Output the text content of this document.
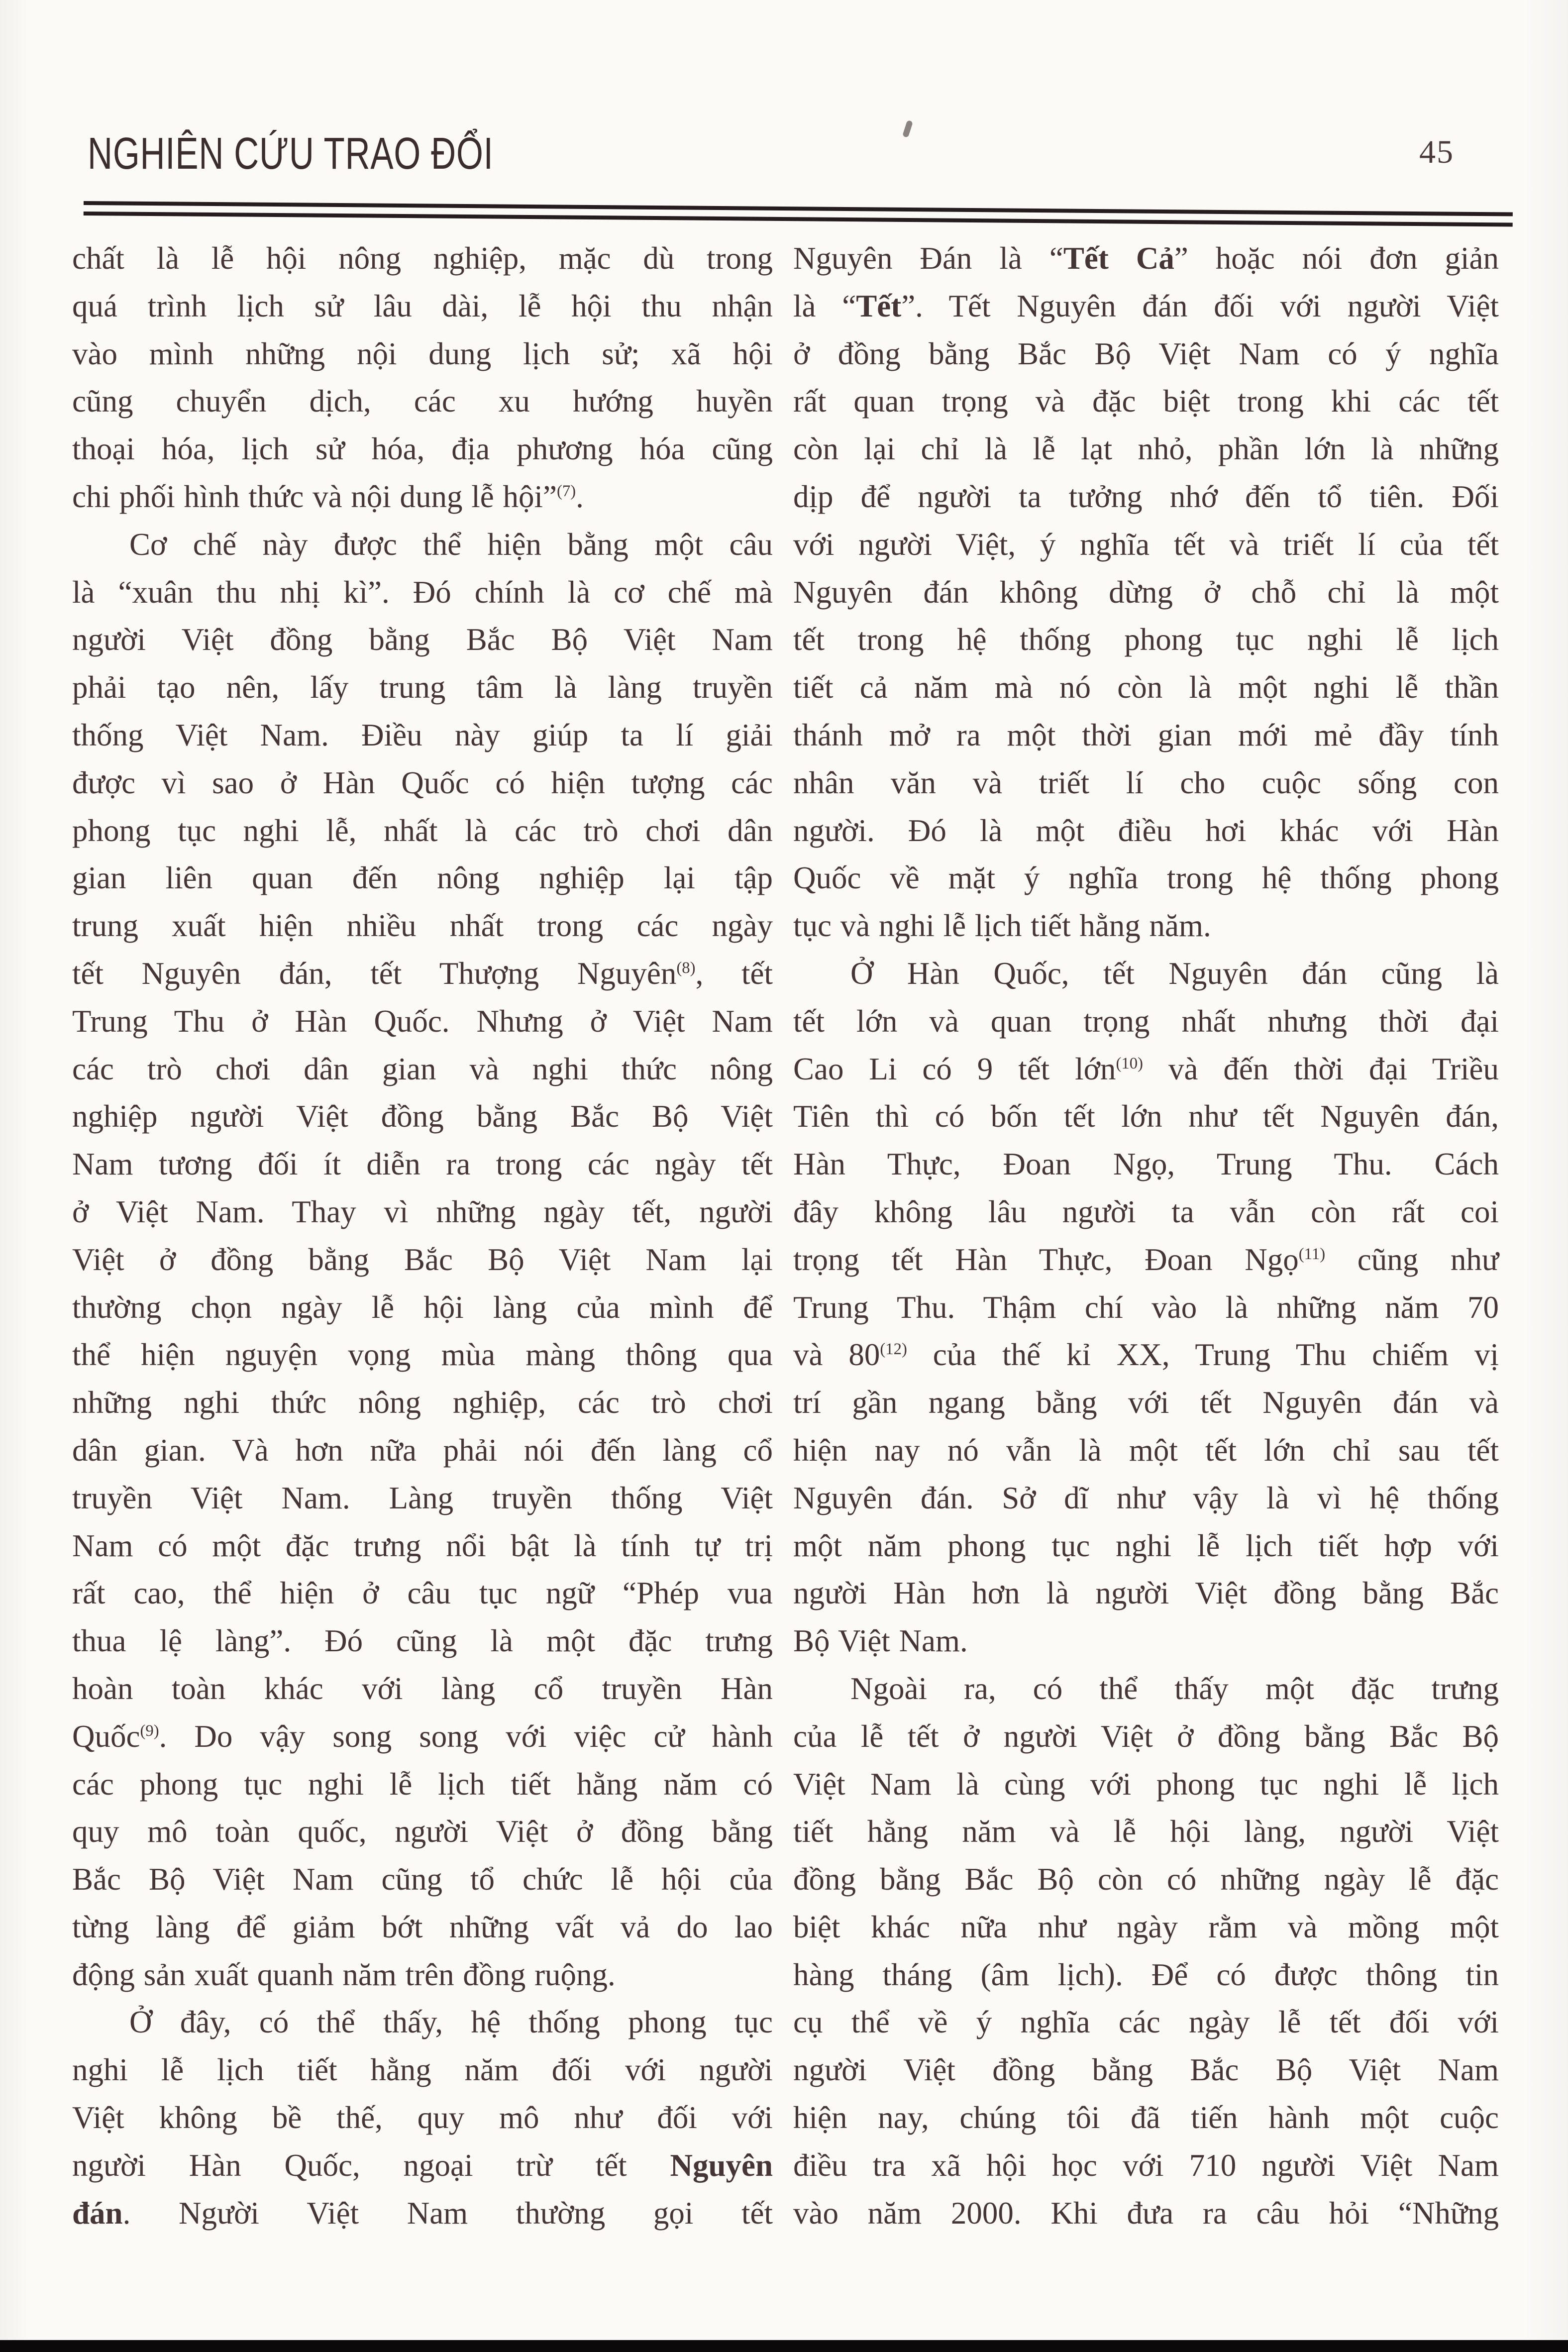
NGHIÊN CỨU TRAO ĐỔI	45
chất là lễ hội nông nghiệp, mặc dù trong
quá trình lịch sử lâu dài, lễ hội thu nhận
vào mình những nội dung lịch sử; xã hội
cũng chuyển dịch, các xu hướng huyền
thoại hóa, lịch sử hóa, địa phương hóa cũng
chi phối hình thức và nội dung lễ hội”$^{(7)}$.
Cơ chế này được thể hiện bằng một câu
là “xuân thu nhị kì”. Đó chính là cơ chế mà
người Việt đồng bằng Bắc Bộ Việt Nam
phải tạo nên, lấy trung tâm là làng truyền
thống Việt Nam. Điều này giúp ta lí giải
được vì sao ở Hàn Quốc có hiện tượng các
phong tục nghi lễ, nhất là các trò chơi dân
gian liên quan đến nông nghiệp lại tập
trung xuất hiện nhiều nhất trong các ngày
tết Nguyên đán, tết Thượng Nguyên$^{(8)}$, tết
Trung Thu ở Hàn Quốc. Nhưng ở Việt Nam
các trò chơi dân gian và nghi thức nông
nghiệp người Việt đồng bằng Bắc Bộ Việt
Nam tương đối ít diễn ra trong các ngày tết
ở Việt Nam. Thay vì những ngày tết, người
Việt ở đồng bằng Bắc Bộ Việt Nam lại
thường chọn ngày lễ hội làng của mình để
thể hiện nguyện vọng mùa màng thông qua
những nghi thức nông nghiệp, các trò chơi
dân gian. Và hơn nữa phải nói đến làng cổ
truyền Việt Nam. Làng truyền thống Việt
Nam có một đặc trưng nổi bật là tính tự trị
rất cao, thể hiện ở câu tục ngữ “Phép vua
thua lệ làng”. Đó cũng là một đặc trưng
hoàn toàn khác với làng cổ truyền Hàn
Quốc$^{(9)}$. Do vậy song song với việc cử hành
các phong tục nghi lễ lịch tiết hằng năm có
quy mô toàn quốc, người Việt ở đồng bằng
Bắc Bộ Việt Nam cũng tổ chức lễ hội của
từng làng để giảm bớt những vất vả do lao
động sản xuất quanh năm trên đồng ruộng.
Ở đây, có thể thấy, hệ thống phong tục
nghi lễ lịch tiết hằng năm đối với người
Việt không bề thế, quy mô như đối với
người Hàn Quốc, ngoại trừ tết Nguyên
đán. Người Việt Nam thường gọi tết
Nguyên Đán là “Tết Cả” hoặc nói đơn giản
là “Tết”. Tết Nguyên đán đối với người Việt
ở đồng bằng Bắc Bộ Việt Nam có ý nghĩa
rất quan trọng và đặc biệt trong khi các tết
còn lại chỉ là lễ lạt nhỏ, phần lớn là những
dịp để người ta tưởng nhớ đến tổ tiên. Đối
với người Việt, ý nghĩa tết và triết lí của tết
Nguyên đán không dừng ở chỗ chỉ là một
tết trong hệ thống phong tục nghi lễ lịch
tiết cả năm mà nó còn là một nghi lễ thần
thánh mở ra một thời gian mới mẻ đầy tính
nhân văn và triết lí cho cuộc sống con
người. Đó là một điều hơi khác với Hàn
Quốc về mặt ý nghĩa trong hệ thống phong
tục và nghi lễ lịch tiết hằng năm.
Ở Hàn Quốc, tết Nguyên đán cũng là
tết lớn và quan trọng nhất nhưng thời đại
Cao Li có 9 tết lớn$^{(10)}$ và đến thời đại Triều
Tiên thì có bốn tết lớn như tết Nguyên đán,
Hàn Thực, Đoan Ngọ, Trung Thu. Cách
đây không lâu người ta vẫn còn rất coi
trọng tết Hàn Thực, Đoan Ngọ$^{(11)}$ cũng như
Trung Thu. Thậm chí vào là những năm 70
và 80$^{(12)}$ của thế kỉ XX, Trung Thu chiếm vị
trí gần ngang bằng với tết Nguyên đán và
hiện nay nó vẫn là một tết lớn chỉ sau tết
Nguyên đán. Sở dĩ như vậy là vì hệ thống
một năm phong tục nghi lễ lịch tiết hợp với
người Hàn hơn là người Việt đồng bằng Bắc
Bộ Việt Nam.
Ngoài ra, có thể thấy một đặc trưng
của lễ tết ở người Việt ở đồng bằng Bắc Bộ
Việt Nam là cùng với phong tục nghi lễ lịch
tiết hằng năm và lễ hội làng, người Việt
đồng bằng Bắc Bộ còn có những ngày lễ đặc
biệt khác nữa như ngày rằm và mồng một
hàng tháng (âm lịch). Để có được thông tin
cụ thể về ý nghĩa các ngày lễ tết đối với
người Việt đồng bằng Bắc Bộ Việt Nam
hiện nay, chúng tôi đã tiến hành một cuộc
điều tra xã hội học với 710 người Việt Nam
vào năm 2000. Khi đưa ra câu hỏi “Những
